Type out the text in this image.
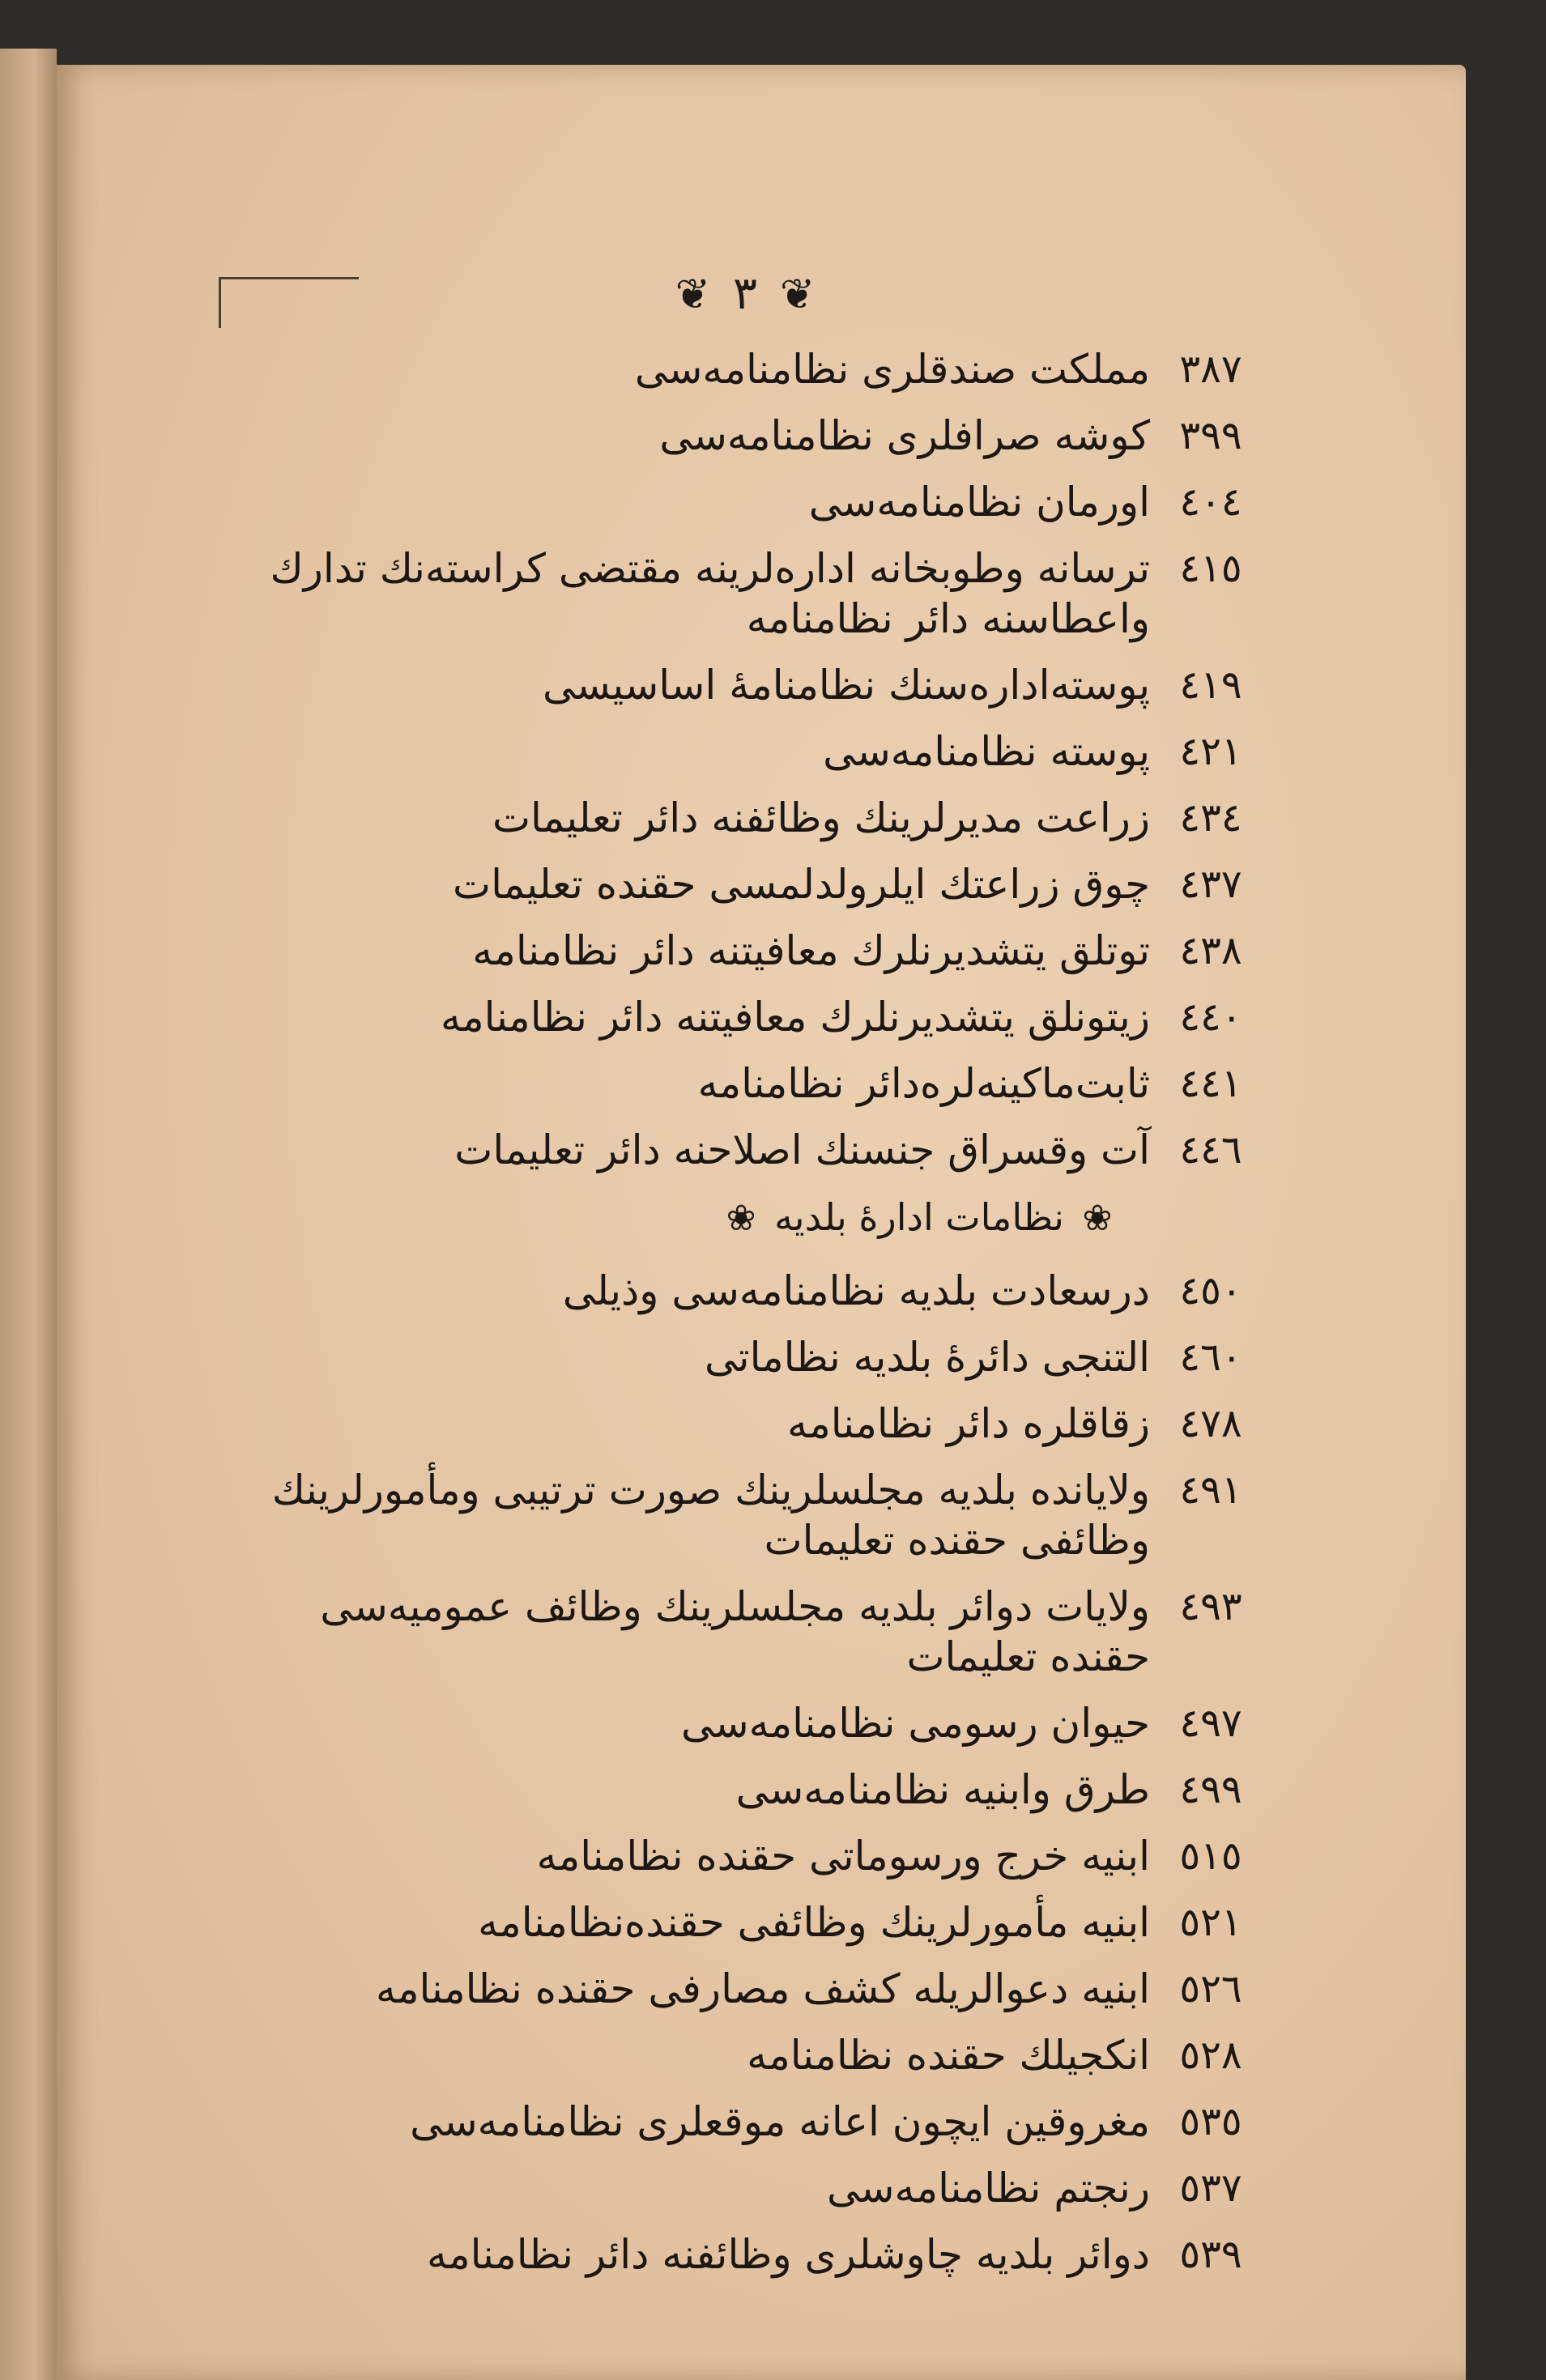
❦ ٣ ❦
٣٨٧
مملكت صندقلرى نظامنامه‌سى
٣٩٩
كوشه صرافلرى نظامنامه‌سى
٤٠٤
اورمان نظامنامه‌سى
٤١٥
ترسانه وطوبخانه اداره‌لرينه مقتضى كراسته‌نك تدارك واعطاسنه دائر نظامنامه
٤١٩
پوسته‌اداره‌سنك نظامنامهٔ اساسيسى
٤٢١
پوسته نظامنامه‌سى
٤٣٤
زراعت مديرلرينك وظائفنه دائر تعليمات
٤٣٧
چوق زراعتك ايلرولدلمسى حقنده تعليمات
٤٣٨
توتلق يتشديرنلرك معافيتنه دائر نظامنامه
٤٤٠
زيتونلق يتشديرنلرك معافيتنه دائر نظامنامه
٤٤١
ثابت‌ماكينه‌لره‌دائر نظامنامه
٤٤٦
آت وقسراق جنسنك اصلاحنه دائر تعليمات
❀ نظامات ادارهٔ بلديه ❀
٤٥٠
درسعادت بلديه نظامنامه‌سى وذيلى
٤٦٠
التنجى دائرهٔ بلديه نظاماتى
٤٧٨
زقاقلره دائر نظامنامه
٤٩١
ولايانده بلديه مجلسلرينك صورت ترتيبى ومأمورلرينك وظائفى حقنده تعليمات
٤٩٣
ولايات دوائر بلديه مجلسلرينك وظائف عموميه‌سى حقنده تعليمات
٤٩٧
حيوان رسومى نظامنامه‌سى
٤٩٩
طرق وابنيه نظامنامه‌سى
٥١٥
ابنيه خرج ورسوماتى حقنده نظامنامه
٥٢١
ابنيه مأمورلرينك وظائفى حقنده‌نظامنامه
٥٢٦
ابنيه دعوالريله كشف مصارفى حقنده نظامنامه
٥٢٨
انكجيلك حقنده نظامنامه
٥٣٥
مغروقين ايچون اعانه موقعلرى نظامنامه‌سى
٥٣٧
رنجتم نظامنامه‌سى
٥٣٩
دوائر بلديه چاوشلرى وظائفنه دائر نظامنامه
